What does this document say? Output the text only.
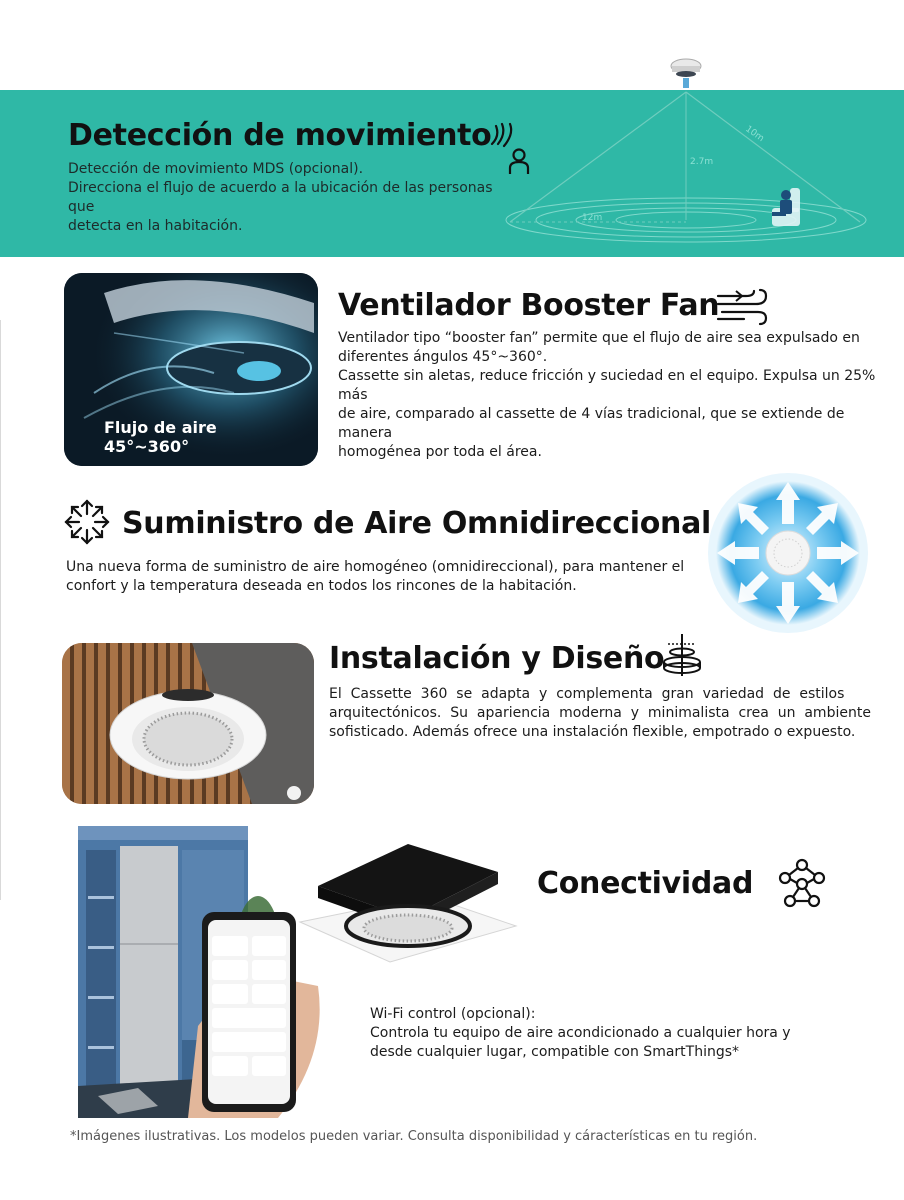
2.7m
10m
12m
Detección de movimiento

Detección de movimiento MDS (opcional).

Direcciona el flujo de acuerdo a la ubicación de las personas que

detecta en la habitación.

Flujo de aire
45°~360°
Ventilador Booster Fan

Ventilador tipo “booster fan” permite que el flujo de aire sea expulsado en

diferentes ángulos 45°~360°.

Cassette sin aletas, reduce fricción y suciedad en el equipo. Expulsa un 25% más

de aire, comparado al cassette de 4 vías tradicional, que se extiende de manera

homogénea por toda el área.

Suministro de Aire Omnidireccional

Una nueva forma de suministro de aire homogéneo (omnidireccional), para mantener el

confort y la temperatura deseada en todos los rincones de la habitación.

Instalación y Diseño

El  Cassette  360  se  adapta  y  complementa  gran  variedad  de  estilos

arquitectónicos.  Su  apariencia  moderna  y  minimalista  crea  un  ambiente

sofisticado. Además ofrece una instalación flexible, empotrado o expuesto.

Conectividad

Wi-Fi control (opcional):

Controla tu equipo de aire acondicionado a cualquier hora y

desde cualquier lugar, compatible con SmartThings*

*Imágenes ilustrativas. Los modelos pueden variar. Consulta disponibilidad y cáracterísticas en tu región.
